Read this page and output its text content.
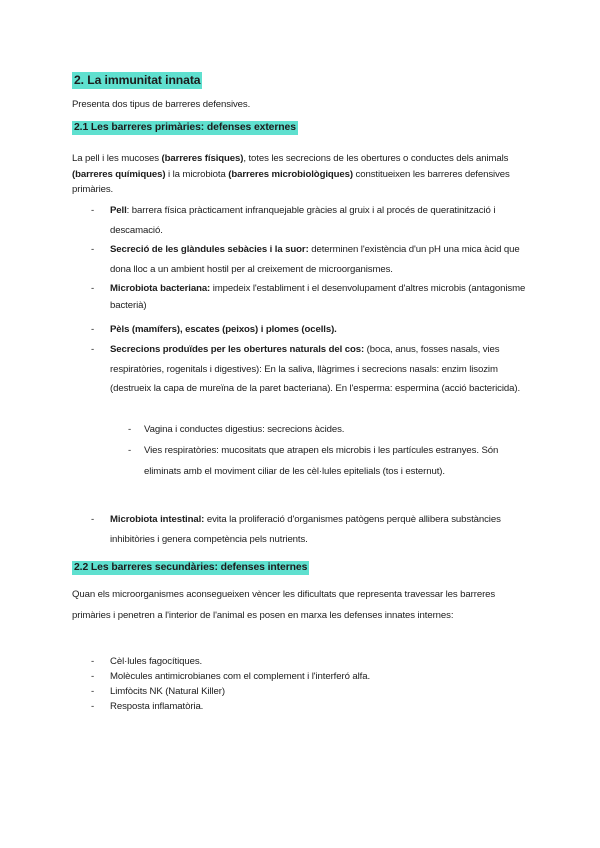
2. La immunitat innata
Presenta dos tipus de barreres defensives.
2.1 Les barreres primàries: defenses externes
La pell i les mucoses (barreres físiques), totes les secrecions de les obertures o conductes dels animals (barreres químiques) i la microbiota (barreres microbiològiques) constitueixen les barreres defensives primàries.
- Pell: barrera física pràcticament infranquejable gràcies al gruix i al procés de queratinització i descamació.
- Secreció de les glàndules sebàcies i la suor: determinen l'existència d'un pH una mica àcid que dona lloc a un ambient hostil per al creixement de microorganismes.
- Microbiota bacteriana: impedeix l'establiment i el desenvolupament d'altres microbis (antagonisme bacterià)
- Pèls (mamífers), escates (peixos) i plomes (ocells).
- Secrecions produïdes per les obertures naturals del cos: (boca, anus, fosses nasals, vies respiratòries, rogenitals i digestives): En la saliva, llàgrimes i secrecions nasals: enzim lisozim (destrueix la capa de mureïna de la paret bacteriana). En l'esperma: espermina (acció bactericida).
- Vagina i conductes digestius: secrecions àcides.
- Vies respiratòries: mucositats que atrapen els microbis i les partícules estranyes. Són eliminats amb el moviment ciliar de les cèl·lules epitelials (tos i esternut).
- Microbiota intestinal: evita la proliferació d'organismes patògens perquè allibera substàncies inhibitòries i genera competència pels nutrients.
2.2 Les barreres secundàries: defenses internes
Quan els microorganismes aconsegueixen vèncer les dificultats que representa travessar les barreres primàries i penetren a l'interior de l'animal es posen en marxa les defenses innates internes:
- Cèl·lules fagocítiques.
- Molècules antimicrobianes com el complement i l'interferó alfa.
- Limfòcits NK (Natural Killer)
- Resposta inflamatòria.
